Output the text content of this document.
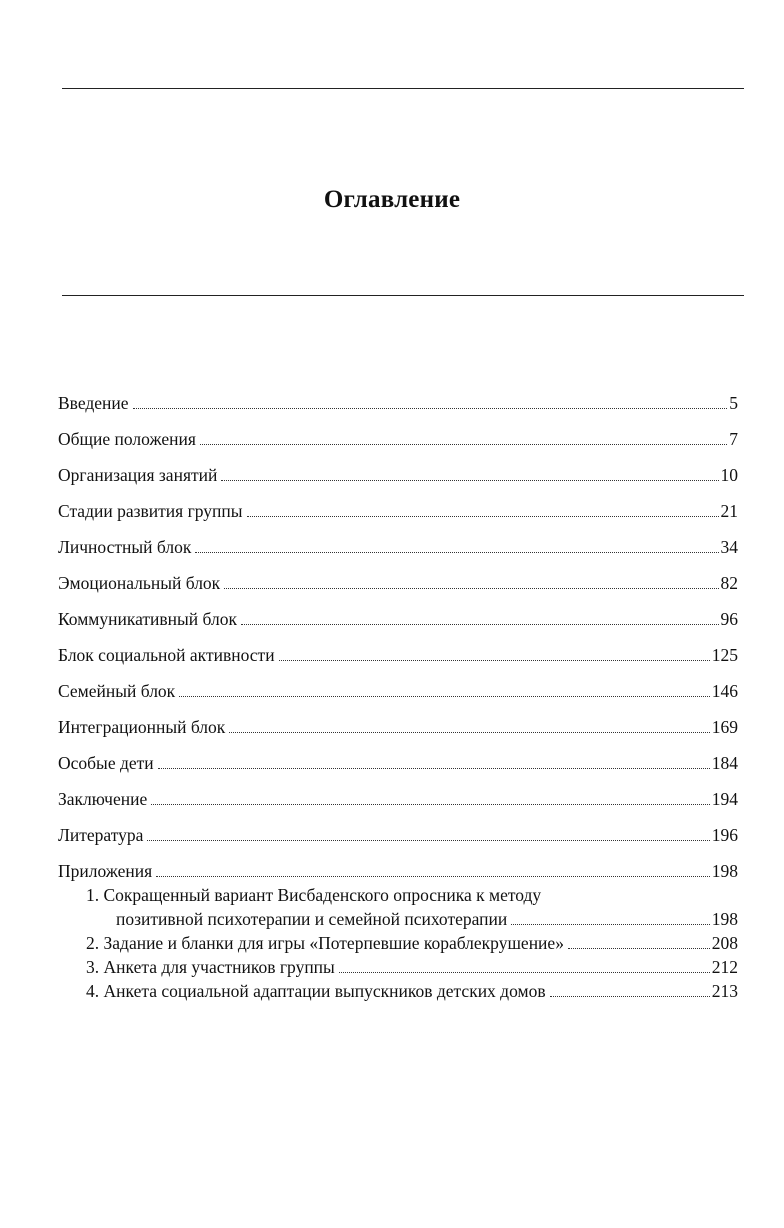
Оглавление
Введение	5
Общие положения	7
Организация занятий	10
Стадии развития группы	21
Личностный блок	34
Эмоциональный блок	82
Коммуникативный блок	96
Блок социальной активности	125
Семейный блок	146
Интеграционный блок	169
Особые дети	184
Заключение	194
Литература	196
Приложения	198
1. Сокращенный вариант Висбаденского опросника к методу
позитивной психотерапии и семейной психотерапии	198
2. Задание и бланки для игры «Потерпевшие кораблекрушение»	208
3. Анкета для участников группы	212
4. Анкета социальной адаптации выпускников детских домов	213
